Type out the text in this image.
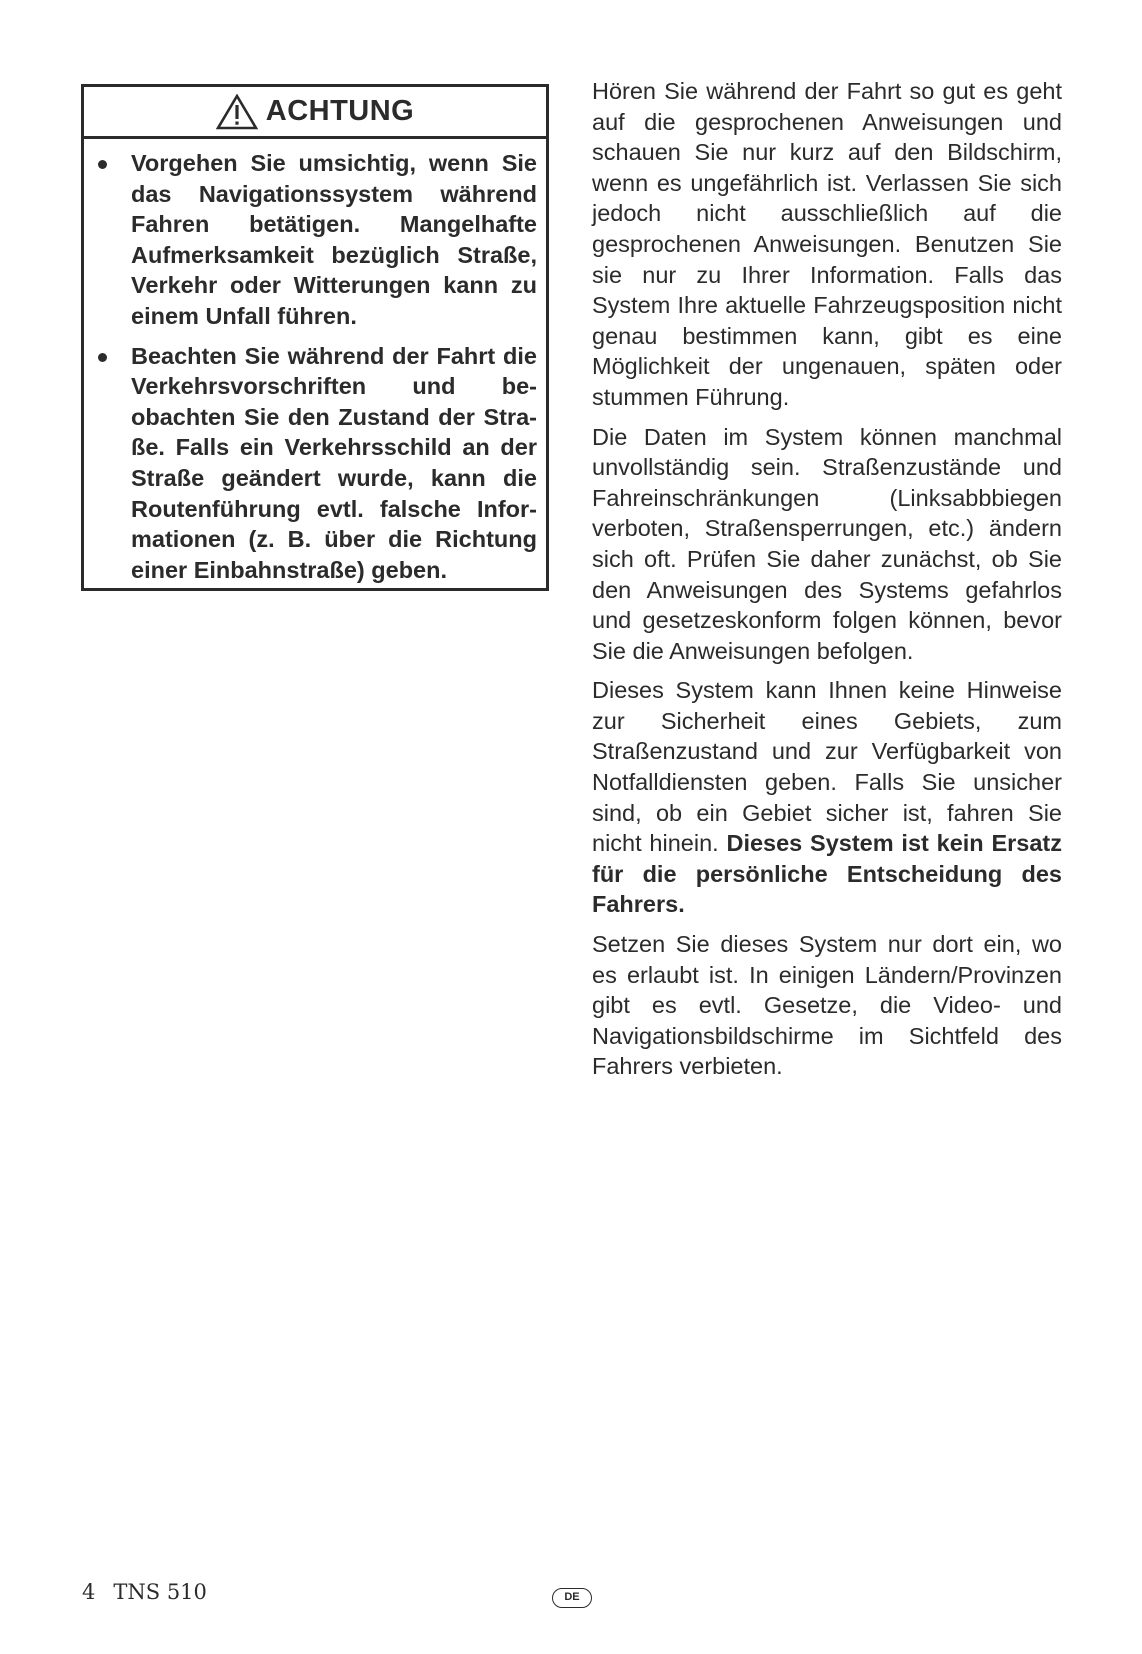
ACHTUNG
Vorgehen Sie umsichtig, wenn Sie das Navigationssystem während Fahren betätigen. Mangelhafte Aufmerksamkeit bezüglich Straße, Verkehr oder Witterungen kann zu einem Unfall führen.
Beachten Sie während der Fahrt die Verkehrsvorschriften und beobachten Sie den Zustand der Straße. Falls ein Verkehrsschild an der Straße geändert wurde, kann die Routenführung evtl. falsche Informationen (z. B. über die Richtung einer Einbahnstraße) geben.

Hören Sie während der Fahrt so gut es geht auf die gesprochenen Anweisungen und schauen Sie nur kurz auf den Bildschirm, wenn es ungefährlich ist. Verlassen Sie sich jedoch nicht ausschließlich auf die gesprochenen Anweisungen. Benutzen Sie sie nur zu Ihrer Information. Falls das System Ihre aktuelle Fahrzeugsposition nicht genau bestimmen kann, gibt es eine Möglichkeit der ungenauen, späten oder stummen Führung.

Die Daten im System können manchmal unvollständig sein. Straßenzustände und Fahreinschränkungen (Linksabbbiegen verboten, Straßensperrungen, etc.) ändern sich oft. Prüfen Sie daher zunächst, ob Sie den Anweisungen des Systems gefahrlos und gesetzeskonform folgen können, bevor Sie die Anweisungen befolgen.

Dieses System kann Ihnen keine Hinweise zur Sicherheit eines Gebiets, zum Straßenzustand und zur Verfügbarkeit von Notfalldiensten geben. Falls Sie unsicher sind, ob ein Gebiet sicher ist, fahren Sie nicht hinein. Dieses System ist kein Ersatz für die persönliche Entscheidung des Fahrers.

Setzen Sie dieses System nur dort ein, wo es erlaubt ist. In einigen Ländern/Provinzen gibt es evtl. Gesetze, die Video- und Navigationsbildschirme im Sichtfeld des Fahrers verbieten.

4 TNS 510	DE
